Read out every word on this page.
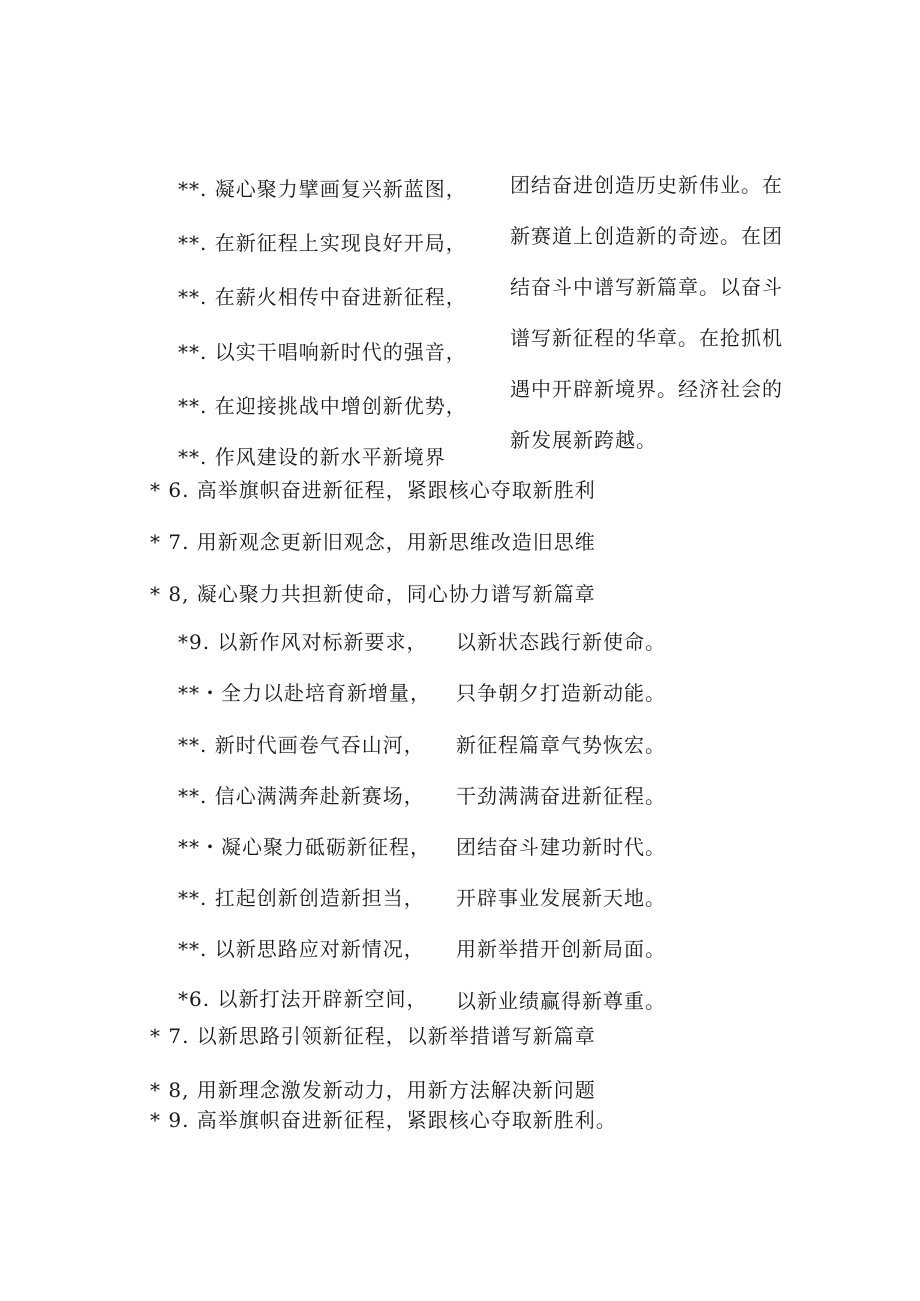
**. 凝心聚力擘画复兴新蓝图，
**. 在新征程上实现良好开局，
**. 在薪火相传中奋进新征程，
**. 以实干唱响新时代的强音，
**. 在迎接挑战中增创新优势，
**. 作风建设的新水平新境界
团结奋进创造历史新伟业。在
新赛道上创造新的奇迹。在团
结奋斗中谱写新篇章。以奋斗
谱写新征程的华章。在抢抓机
遇中开辟新境界。经济社会的
新发展新跨越。
* 6. 高举旗帜奋进新征程，紧跟核心夺取新胜利
* 7. 用新观念更新旧观念，用新思维改造旧思维
* 8, 凝心聚力共担新使命，同心协力谱写新篇章
*9. 以新作风对标新要求， 以新状态践行新使命。
**・全力以赴培育新增量， 只争朝夕打造新动能。
**. 新时代画卷气吞山河， 新征程篇章气势恢宏。
**. 信心满满奔赴新赛场， 干劲满满奋进新征程。
**・凝心聚力砥砺新征程， 团结奋斗建功新时代。
**. 扛起创新创造新担当， 开辟事业发展新天地。
**. 以新思路应对新情况， 用新举措开创新局面。
*6. 以新打法开辟新空间， 以新业绩赢得新尊重。
* 7. 以新思路引领新征程，以新举措谱写新篇章
* 8, 用新理念激发新动力，用新方法解决新问题
* 9. 高举旗帜奋进新征程，紧跟核心夺取新胜利。
